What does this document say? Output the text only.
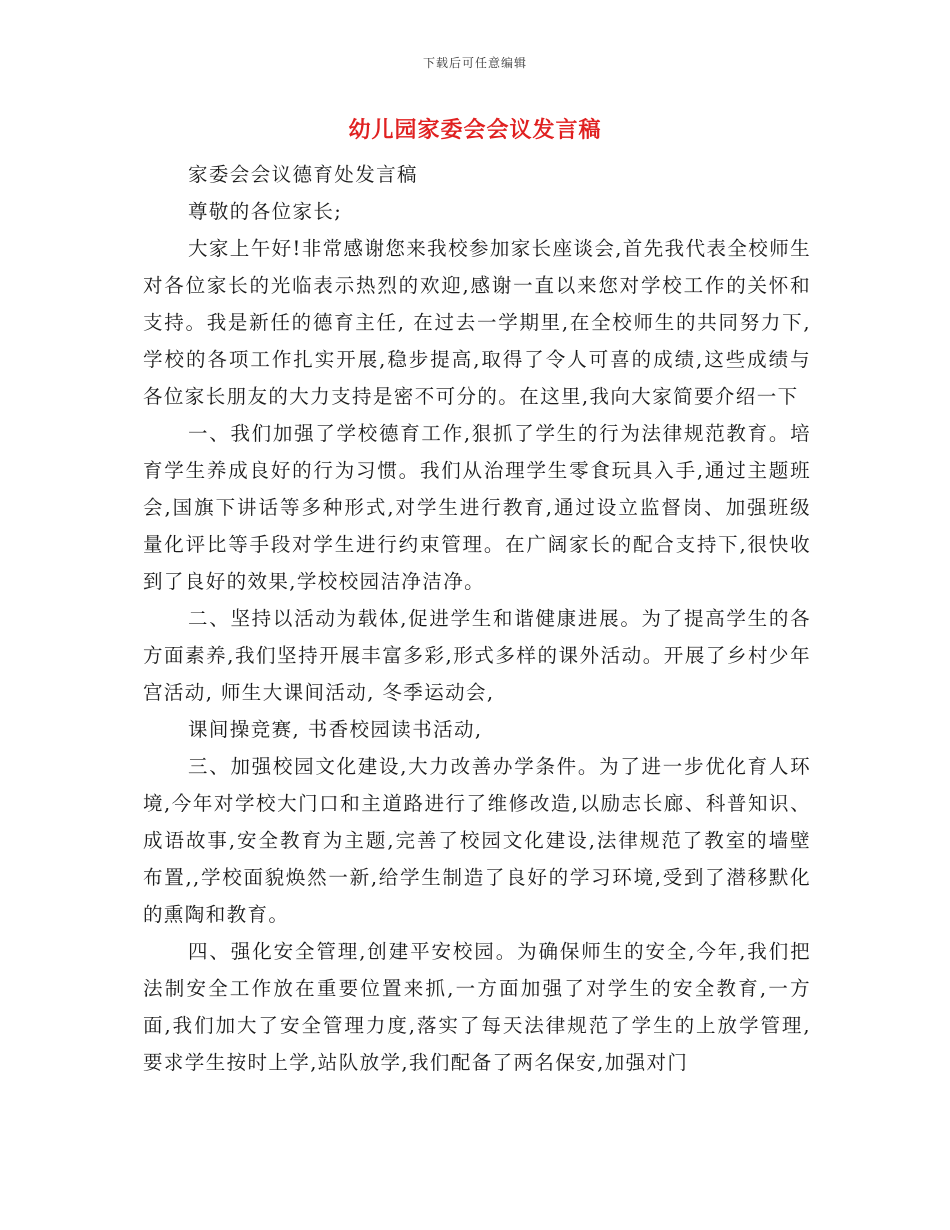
下载后可任意编辑
幼儿园家委会会议发言稿

家委会会议德育处发言稿

尊敬的各位家长;

大家上午好!非常感谢您来我校参加家长座谈会,首先我代表全校师生对各位家长的光临表示热烈的欢迎,感谢一直以来您对学校工作的关怀和支持。我是新任的德育主任, 在过去一学期里,在全校师生的共同努力下,学校的各项工作扎实开展,稳步提高,取得了令人可喜的成绩,这些成绩与各位家长朋友的大力支持是密不可分的。在这里,我向大家简要介绍一下

一、我们加强了学校德育工作,狠抓了学生的行为法律规范教育。培育学生养成良好的行为习惯。我们从治理学生零食玩具入手,通过主题班会,国旗下讲话等多种形式,对学生进行教育,通过设立监督岗、加强班级量化评比等手段对学生进行约束管理。在广阔家长的配合支持下,很快收到了良好的效果,学校校园洁净洁净。

二、坚持以活动为载体,促进学生和谐健康进展。为了提高学生的各方面素养,我们坚持开展丰富多彩,形式多样的课外活动。开展了乡村少年宫活动, 师生大课间活动, 冬季运动会,

课间操竞赛, 书香校园读书活动,

三、加强校园文化建设,大力改善办学条件。为了进一步优化育人环境,今年对学校大门口和主道路进行了维修改造,以励志长廊、科普知识、成语故事,安全教育为主题,完善了校园文化建设,法律规范了教室的墙壁布置,,学校面貌焕然一新,给学生制造了良好的学习环境,受到了潜移默化的熏陶和教育。

四、强化安全管理,创建平安校园。为确保师生的安全,今年,我们把法制安全工作放在重要位置来抓,一方面加强了对学生的安全教育,一方面,我们加大了安全管理力度,落实了每天法律规范了学生的上放学管理,要求学生按时上学,站队放学,我们配备了两名保安,加强对门
